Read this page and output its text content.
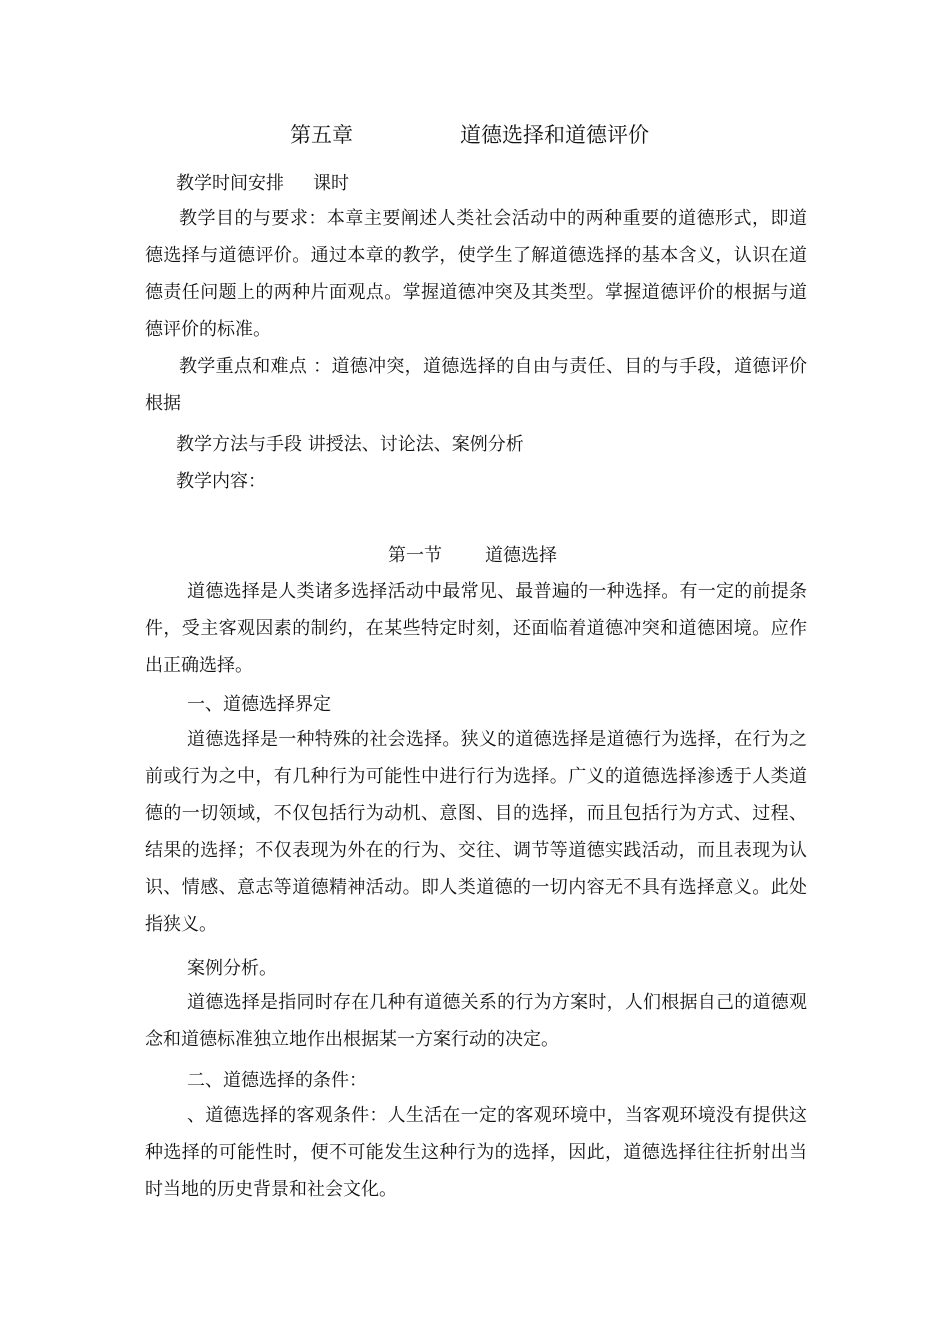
第五章	道德选择和道德评价
教学时间安排 课时

教学目的与要求：本章主要阐述人类社会活动中的两种重要的道德形式，即道德选择与道德评价。通过本章的教学，使学生了解道德选择的基本含义，认识在道德责任问题上的两种片面观点。掌握道德冲突及其类型。掌握道德评价的根据与道德评价的标准。

教学重点和难点 ：道德冲突，道德选择的自由与责任、目的与手段，道德评价根据

教学方法与手段 讲授法、讨论法、案例分析
教学内容：
第一节 道德选择

道德选择是人类诸多选择活动中最常见、最普遍的一种选择。有一定的前提条件，受主客观因素的制约，在某些特定时刻，还面临着道德冲突和道德困境。应作出正确选择。

一、道德选择界定

道德选择是一种特殊的社会选择。狭义的道德选择是道德行为选择，在行为之前或行为之中，有几种行为可能性中进行行为选择。广义的道德选择渗透于人类道德的一切领域，不仅包括行为动机、意图、目的选择，而且包括行为方式、过程、结果的选择；不仅表现为外在的行为、交往、调节等道德实践活动，而且表现为认识、情感、意志等道德精神活动。即人类道德的一切内容无不具有选择意义。此处指狭义。

案例分析。

道德选择是指同时存在几种有道德关系的行为方案时，人们根据自己的道德观念和道德标准独立地作出根据某一方案行动的决定。

二、道德选择的条件：

、道德选择的客观条件：人生活在一定的客观环境中，当客观环境没有提供这种选择的可能性时，便不可能发生这种行为的选择，因此，道德选择往往折射出当时当地的历史背景和社会文化。
